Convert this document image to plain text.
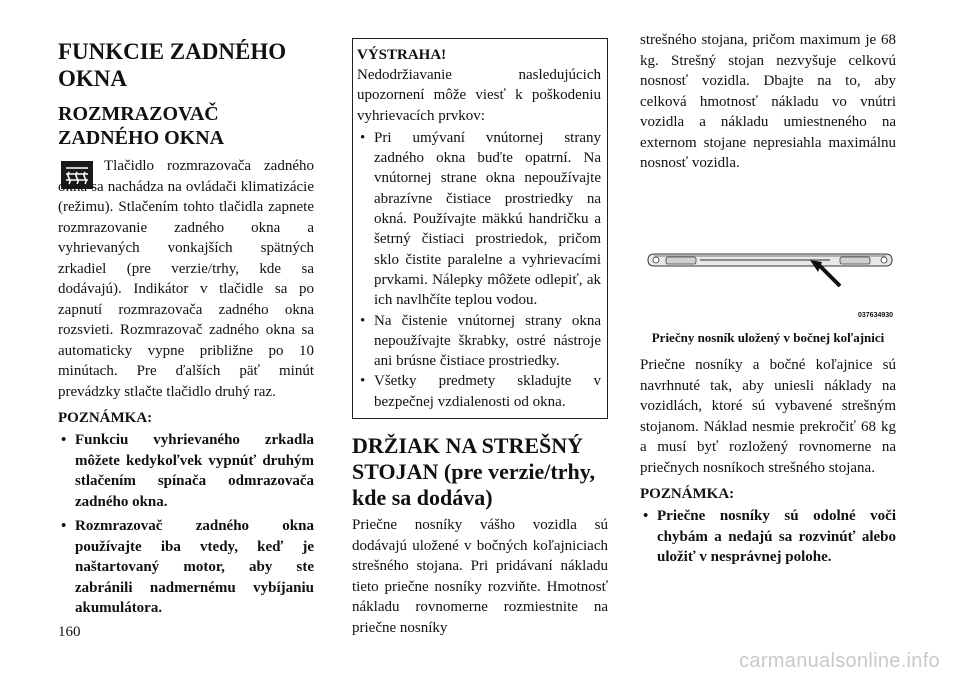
FUNKCIE ZADNÉHO OKNA
ROZMRAZOVAČ ZADNÉHO OKNA
Tlačidlo rozmrazovača zadného okna sa nachádza na ovládači klimatizácie (režimu). Stlačením tohto tlačidla zapnete rozmrazovanie zadného okna a vyhrievaných vonkajších spätných zrkadiel (pre verzie/trhy, kde sa dodávajú). Indikátor v tlačidle sa po zapnutí rozmrazovača zadného okna rozsvieti. Rozmrazovač zadného okna sa automaticky vypne približne po 10 minútach. Pre ďalších päť minút prevádzky stlačte tlačidlo druhý raz.
POZNÁMKA:
• Funkciu vyhrievaného zrkadla môžete kedykoľvek vypnúť druhým stlačením spínača odmrazovača zadného okna.
• Rozmrazovač zadného okna používajte iba vtedy, keď je naštartovaný motor, aby ste zabránili nadmernému vybíjaniu akumulátora.
VÝSTRAHA!
Nedodržiavanie nasledujúcich upozornení môže viesť k poškodeniu vyhrievacích prvkov:
• Pri umývaní vnútornej strany zadného okna buďte opatrní. Na vnútornej strane okna nepoužívajte abrazívne čistiace prostriedky na okná. Používajte mäkkú handričku a šetrný čistiaci prostriedok, pričom sklo čistite paralelne a vyhrievacími prvkami. Nálepky môžete odlepiť, ak ich navlhčíte teplou vodou.
• Na čistenie vnútornej strany okna nepoužívajte škrabky, ostré nástroje ani brúsne čistiace prostriedky.
• Všetky predmety skladujte v bezpečnej vzdialenosti od okna.
DRŽIAK NA STREŠNÝ STOJAN (pre verzie/trhy, kde sa dodáva)
Priečne nosníky vášho vozidla sú dodávajú uložené v bočných koľajniciach strešného stojana. Pri pridávaní nákladu tieto priečne nosníky rozviňte. Hmotnosť nákladu rovnomerne rozmiestnite na priečne nosníky
strešného stojana, pričom maximum je 68 kg. Strešný stojan nezvyšuje celkovú nosnosť vozidla. Dbajte na to, aby celková hmotnosť nákladu vo vnútri vozidla a nákladu umiestneného na externom stojane nepresiahla maximálnu nosnosť vozidla.
037634930
Priečny nosník uložený v bočnej koľajnici
Priečne nosníky a bočné koľajnice sú navrhnuté tak, aby uniesli náklady na vozidlách, ktoré sú vybavené strešným stojanom. Náklad nesmie prekročiť 68 kg a musí byť rozložený rovnomerne na priečnych nosníkoch strešného stojana.
POZNÁMKA:
• Priečne nosníky sú odolné voči chybám a nedajú sa rozvinúť alebo uložiť v nesprávnej polohe.
160
carmanualsonline.info
